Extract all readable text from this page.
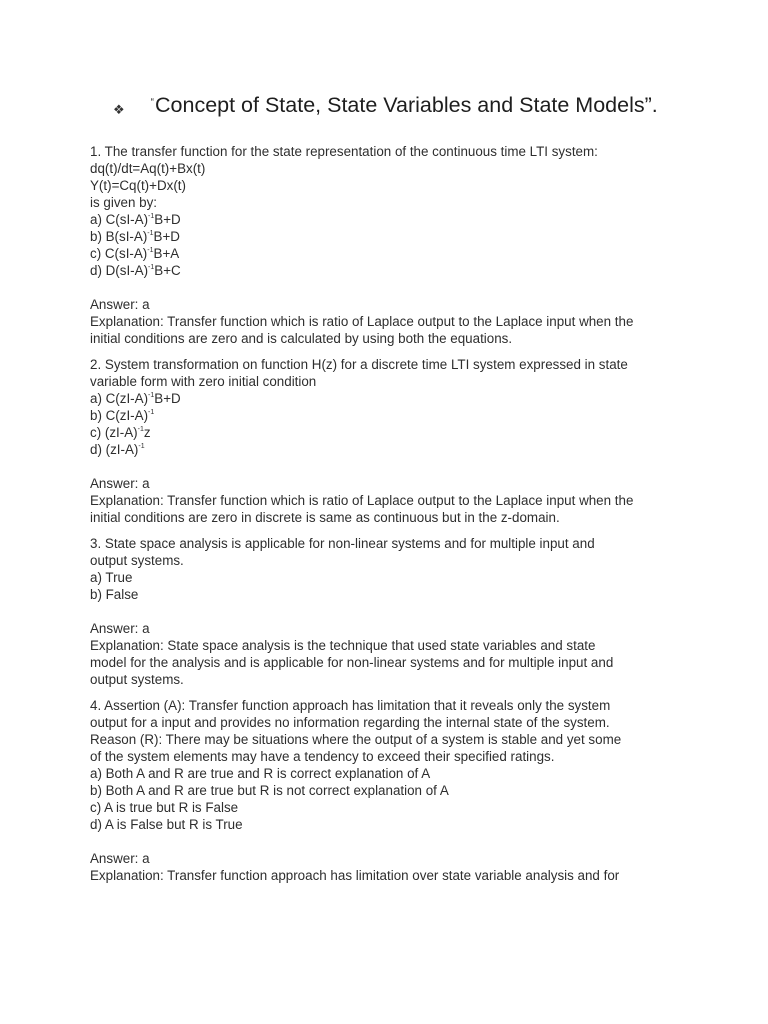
❖	“ Concept of State, State Variables and State Models”.
1. The transfer function for the state representation of the continuous time LTI system:
dq(t)/dt=Aq(t)+Bx(t)
Y(t)=Cq(t)+Dx(t)
is given by:
a) $C(sI-A)^{-1}B+D$
b) $B(sI-A)^{-1}B+D$
c) $C(sI-A)^{-1}B+A$
d) $D(sI-A)^{-1}B+C$
Answer: a
Explanation: Transfer function which is ratio of Laplace output to the Laplace input when the
initial conditions are zero and is calculated by using both the equations.
2. System transformation on function H(z) for a discrete time LTI system expressed in state
variable form with zero initial condition
a) $C(zI-A)^{-1}B+D$
b) $C(zI-A)^{-1}$
c) $(zI-A)^{-1}z$
d) $(zI-A)^{-1}$
Answer: a
Explanation: Transfer function which is ratio of Laplace output to the Laplace input when the
initial conditions are zero in discrete is same as continuous but in the z-domain.
3. State space analysis is applicable for non-linear systems and for multiple input and
output systems.
a) True
b) False
Answer: a
Explanation: State space analysis is the technique that used state variables and state
model for the analysis and is applicable for non-linear systems and for multiple input and
output systems.
4. Assertion (A): Transfer function approach has limitation that it reveals only the system
output for a input and provides no information regarding the internal state of the system.
Reason (R): There may be situations where the output of a system is stable and yet some
of the system elements may have a tendency to exceed their specified ratings.
a) Both A and R are true and R is correct explanation of A
b) Both A and R are true but R is not correct explanation of A
c) A is true but R is False
d) A is False but R is True
Answer: a
Explanation: Transfer function approach has limitation over state variable analysis and for
